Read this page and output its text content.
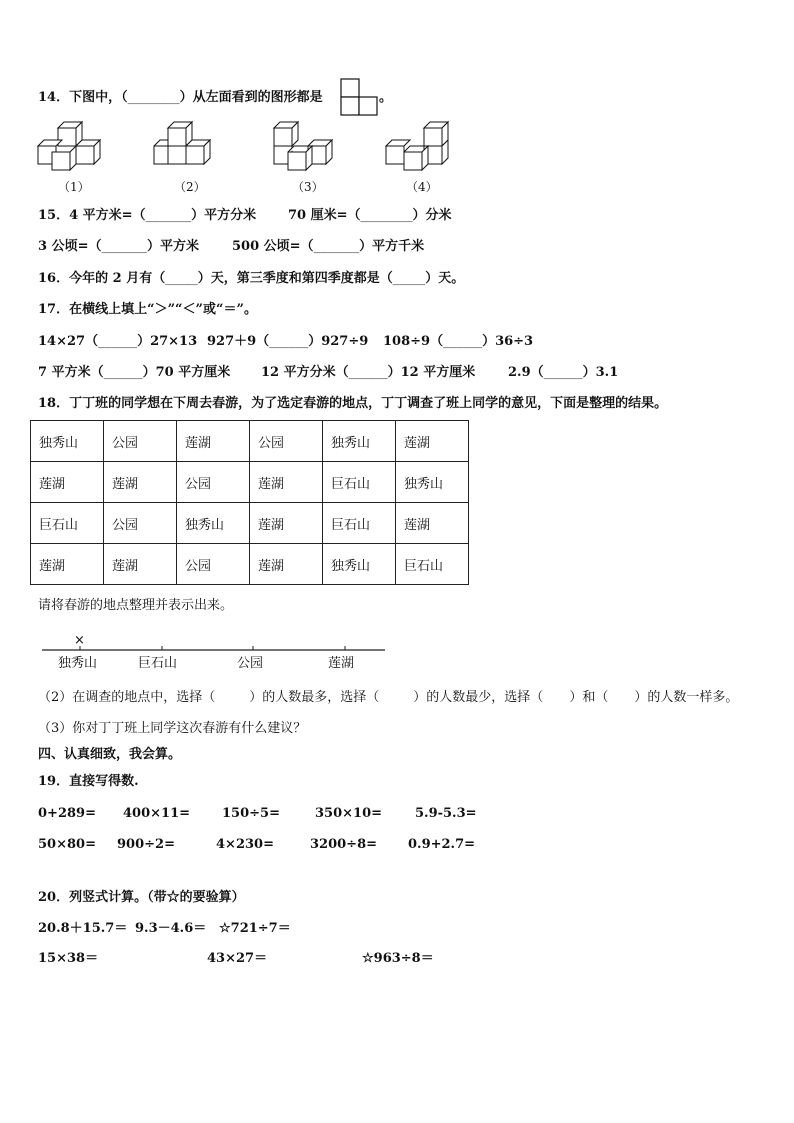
14．下图中，（________）从左面看到的图形都是	。
（1）	（2）	（3）	（4）
15．4 平方米=（_______）平方分米 70 厘米=（________）分米
3 公顷=（_______）平方米	500 公顷=（_______）平方千米
16．今年的 2 月有（_____）天，第三季度和第四季度都是（_____）天。
17．在横线上填上“＞”“＜”或“＝”。
14×27（______）27×13 927＋9（______）927÷9 108÷9（______）36÷3
7 平方米（______）70 平方厘米 12 平方分米（______）12 平方厘米	2.9（______）3.1
18．丁丁班的同学想在下周去春游，为了选定春游的地点，丁丁调查了班上同学的意见，下面是整理的结果。
独秀山	公园	莲湖	公园	独秀山	莲湖
莲湖	莲湖	公园	莲湖	巨石山	独秀山
巨石山	公园	独秀山	莲湖	巨石山	莲湖
莲湖	莲湖	公园	莲湖	独秀山	巨石山
请将春游的地点整理并表示出来。
×
独秀山	巨石山	公园	莲湖
（2）在调查的地点中，选择（	）的人数最多，选择（	）的人数最少，选择（ ）和（ ）的人数一样多。
（3）你对丁丁班上同学这次春游有什么建议？
四、认真细致，我会算。
19．直接写得数.
0+289= 400×11= 150÷5=	350×10=	5.9-5.3=
50×80= 900÷2=	4×230=	3200÷8= 0.9+2.7=
20．列竖式计算。（带☆的要验算）
20.8＋15.7＝ 9.3－4.6＝ ☆721÷7＝
15×38＝	43×27＝	☆963÷8＝
